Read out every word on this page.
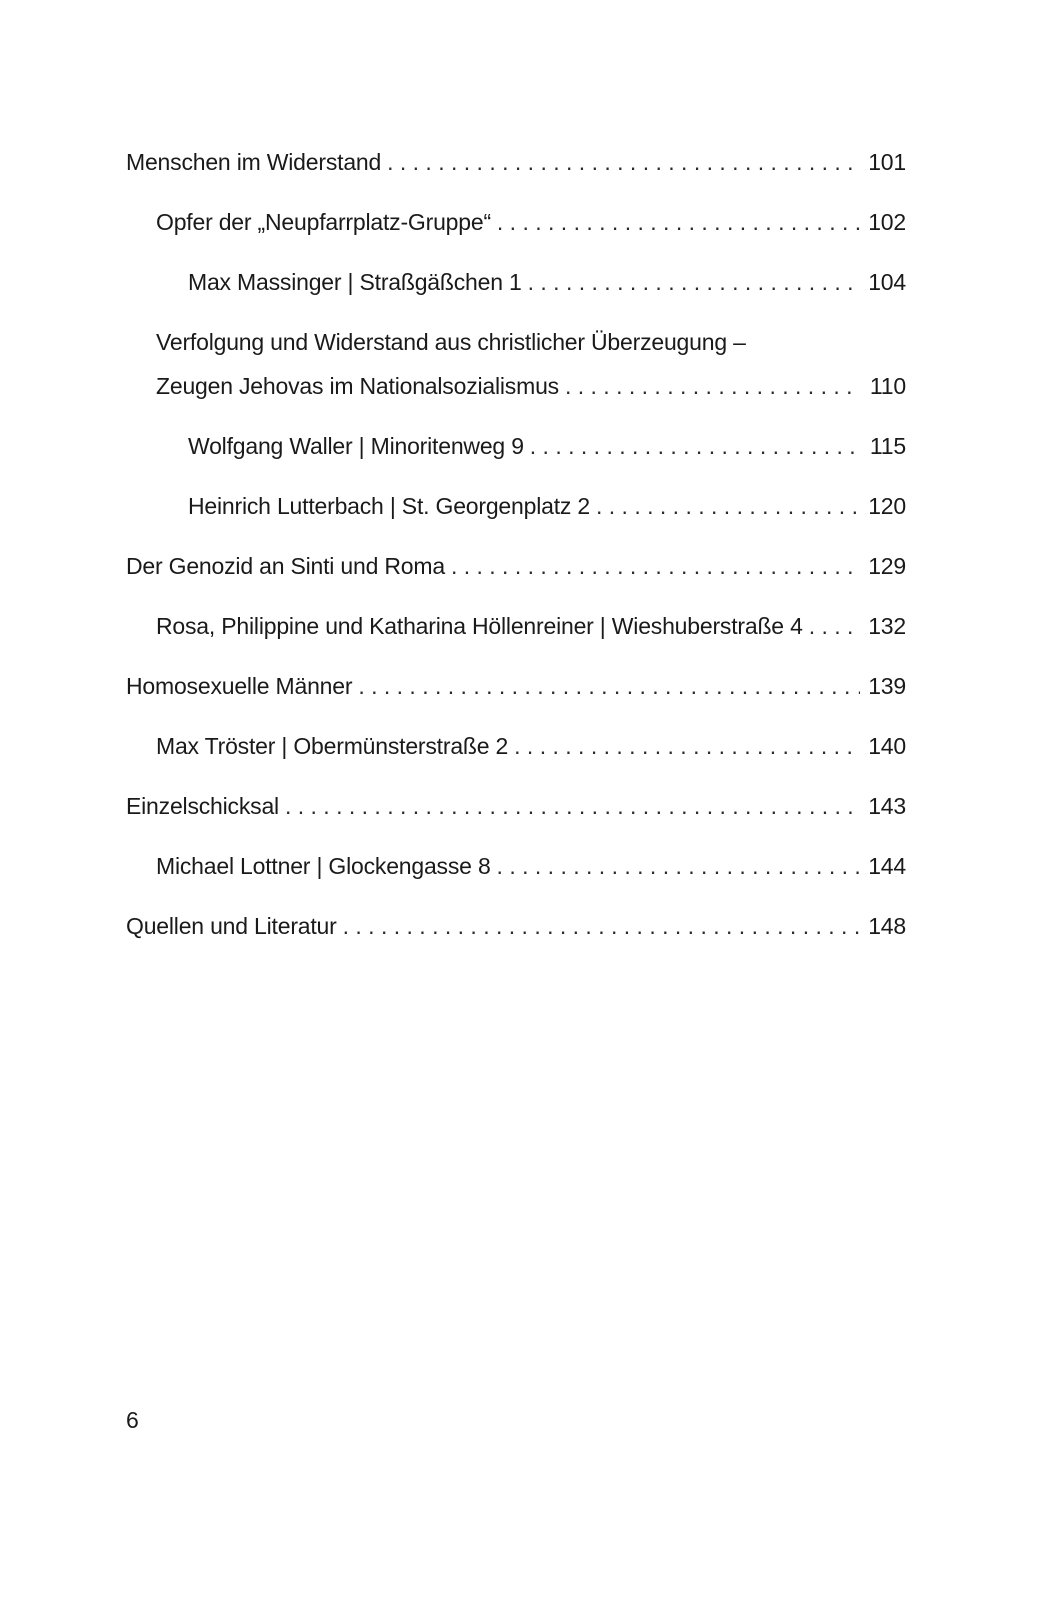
Menschen im Widerstand . . .	101
Opfer der „Neupfarrplatz-Gruppe“ . . .	102
Max Massinger | Straßgäßchen 1 . . .	104
Verfolgung und Widerstand aus christlicher Überzeugung –
Zeugen Jehovas im Nationalsozialismus . . .	110
Wolfgang Waller | Minoritenweg 9 . . .	115
Heinrich Lutterbach | St. Georgenplatz 2 . . .	120
Der Genozid an Sinti und Roma . . .	129
Rosa, Philippine und Katharina Höllenreiner | Wieshuberstraße 4 . . .	132
Homosexuelle Männer . . .	139
Max Tröster | Obermünsterstraße 2 . . .	140
Einzelschicksal . . .	143
Michael Lottner | Glockengasse 8 . . .	144
Quellen und Literatur . . .	148
6
